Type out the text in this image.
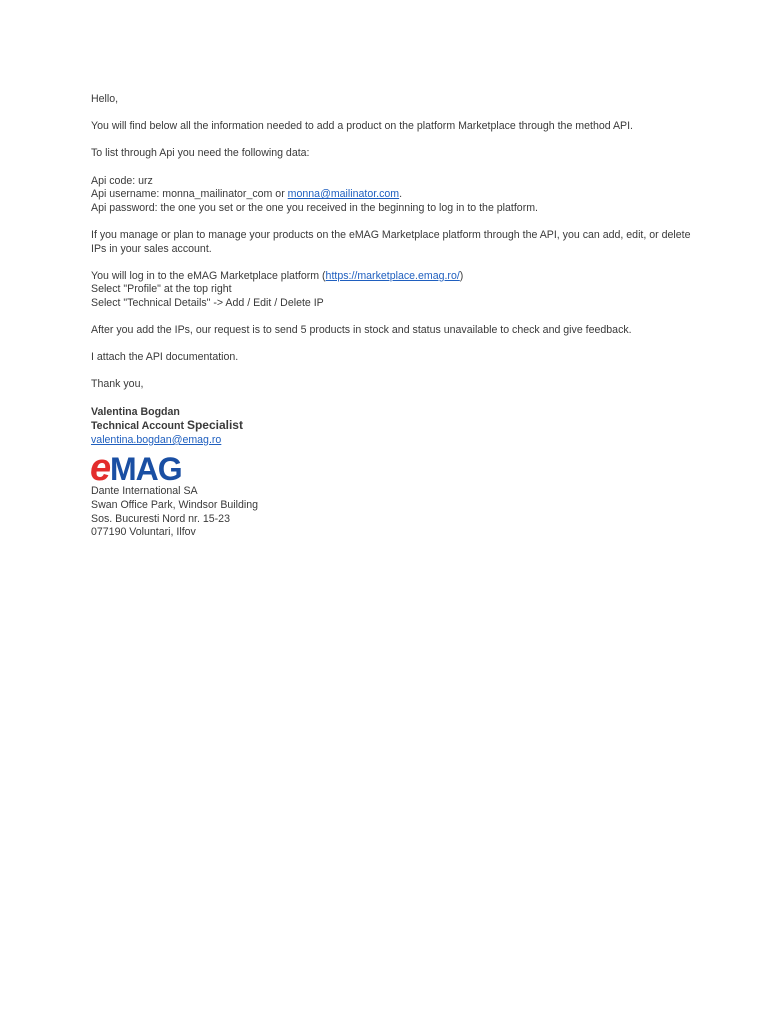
Hello,

You will find below all the information needed to add a product on the platform Marketplace through the method API.

To list through Api you need the following data:

Api code: urz
Api username: monna_mailinator_com or monna@mailinator.com.
Api password: the one you set or the one you received in the beginning to log in to the platform.

If you manage or plan to manage your products on the eMAG Marketplace platform through the API, you can add, edit, or delete IPs in your sales account.

You will log in to the eMAG Marketplace platform (https://marketplace.emag.ro/)
Select "Profile" at the top right
Select "Technical Details" -> Add / Edit / Delete IP

After you add the IPs, our request is to send 5 products in stock and status unavailable to check and give feedback.

I attach the API documentation.

Thank you,

Valentina Bogdan
Technical Account Specialist
valentina.bogdan@emag.ro
e MAG
Dante International SA
Swan Office Park, Windsor Building
Sos. Bucuresti Nord nr. 15-23
077190 Voluntari, Ilfov
